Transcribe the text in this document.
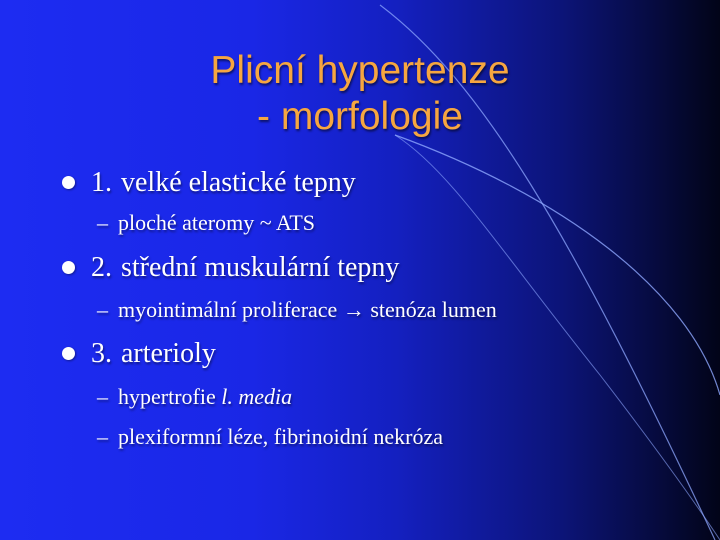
Plicní hypertenze
- morfologie
1. velké elastické tepny
– ploché ateromy ~ ATS
2. střední muskulární tepny
– myointimální proliferace → stenóza lumen
3. arterioly
– hypertrofie l. media
– plexiformní léze, fibrinoidní nekróza
